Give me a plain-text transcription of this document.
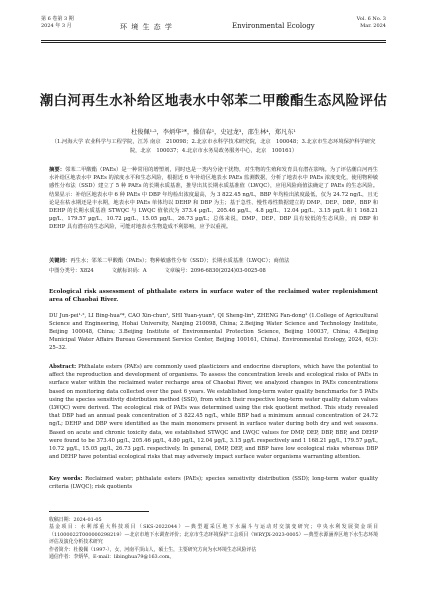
第 6 卷第 3 期
2024 年 3 月	环 境 生 态 学	Environmental Ecology
Vol. 6 No. 3
Mar. 2024
潮白河再生水补给区地表水中邻苯二甲酸酯生态风险评估
杜俊佩¹·²，李炳华²*，操信春¹，史冠龙³，邵生林⁴，郑凡东¹
（1.河海大学 农业科学与工程学院，江苏 南京　210098；2.北京市水科学技术研究院，北京　100048；3.北京市生态环境保护科学研究院，北京　100037；4.北京市水务局政务服务中心，北京　100161）
摘要：邻苯二甲酸酯（PAEs）是一种常用的增塑剂，同时也是一类内分泌干扰物，对生物的生殖和发育具有潜在影响。为了评估潮白河再生水补给区地表水中 PAEs 的浓度水平和生态风险，根据近 6 年补给区地表水 PAEs 监测数据，分析了地表水中 PAEs 浓度变化，使用物种敏感性分布法（SSD）建立了 5 种 PAEs 的长期水质基准，推导出其长期水质基准值（LWQC），应用风险商值法确定了 PAEs 的生态风险。结果显示：补给区地表水中 6 种 PAEs 中 DBP 年均检出浓度最高，为 3 822.45 ng/L，BBP 年均检出浓度最低，仅为 24.72 ng/L，且无论是在枯水期还是丰水期，地表水中 PAEs 单体均以 DEHP 和 DBP 为主；基于急性、慢性毒性数据建立的 DMP、DEP、DBP、BBP 和 DEHP 的长期水质基准 STWQC 与 LWQC 值依次为 373.4 µg/L、205.46 µg/L、4.8 µg/L、12.04 µg/L、3.15 µg/L 和 1 168.21 µg/L、179.57 µg/L、10.72 µg/L、15.05 µg/L、26.73 µg/L；总体来说，DMP、DEP、DBP 具有较低的生态风险，而 DBP 和 DEHP 具有潜在的生态风险，可能对地表水生物造成不利影响，应予以重视。
关键词：再生水；邻苯二甲酸酯（PAEs）；物种敏感性分布（SSD）；长期水质基准（LWQC）；商值法
中图分类号：X824	文献标识码：A	文章编号：2096-6830(2024)03-0025-08
Ecological risk assessment of phthalate esters in surface water of the reclaimed water replenishment area of Chaobai River.
DU Jun-pei¹·², LI Bing-hua²*, CAO Xin-chun¹, SHI Yuan-yuan³, QI Sheng-lin⁴, ZHENG Fan-dong¹ (1.College of Agricultural Science and Engineering, Hohai University, Nanjing 210098, China; 2.Beijing Water Science and Technology Institute, Beijing 100048, China; 3.Beijing Institute of Environmental Protection Science, Beijing 100037, China; 4.Beijing Municipal Water Affairs Bureau Government Service Center, Beijing 100161, China). Environmental Ecology, 2024, 6(3): 25–32.
Abstract: Phthalate esters (PAEs) are commonly used plasticizers and endocrine disruptors, which have the potential to affect the reproduction and development of organisms. To assess the concentration levels and ecological risks of PAEs in surface water within the reclaimed water recharge area of Chaobai River, we analyzed changes in PAEs concentrations based on monitoring data collected over the past 6 years. We established long-term water quality benchmarks for 5 PAEs using the species sensitivity distribution method (SSD), from which their respective long-term water quality datum values (LWQC) were derived. The ecological risk of PAEs was determined using the risk quotient method. This study revealed that DBP had an annual peak concentration of 3 822.45 ng/L, while BBP had a minimum annual concentration of 24.72 ng/L; DEHP and DBP were identified as the main monomers present in surface water during both dry and wet seasons. Based on acute and chronic toxicity data, we established STWQC and LWQC values for DMP, DEP, DBP, BBP, and DEHP were found to be 373.40 µg/L, 205.46 µg/L, 4.80 µg/L, 12.04 µg/L, 3.15 µg/L respectively and 1 168.21 µg/L, 179.57 µg/L, 10.72 µg/L, 15.05 µg/L, 26.73 µg/L respectively. In general, DMP, DEP, and BBP have low ecological risks whereas DBP and DEHP have potential ecological risks that may adversely impact surface water organisms warranting attention.
Key words: Reclaimed water; phthalate esters (PAEs); species sensitivity distribution (SSD); long-term water quality criteria (LWQC); risk quotients

收稿日期：2024-01-05

基金项目：水利部重大科技项目（SKS-2022044）—典型超采区地下水漏斗与运动对交演变研究；中央水利发展资金项目（11000022T000000298219）—北京市地下水调查评价；北京市生态环境保护工会项目（WRYJX-2023-0005）—典型水源涵养区地下水生态环境评估及演化分析技术研究

作者简介：杜俊佩（1997-），女，河南平顶山人，硕士生，主要研究方向为水环境生态风险评估

通信作者：李炳华，E-mail：libinghua79@163.com。
